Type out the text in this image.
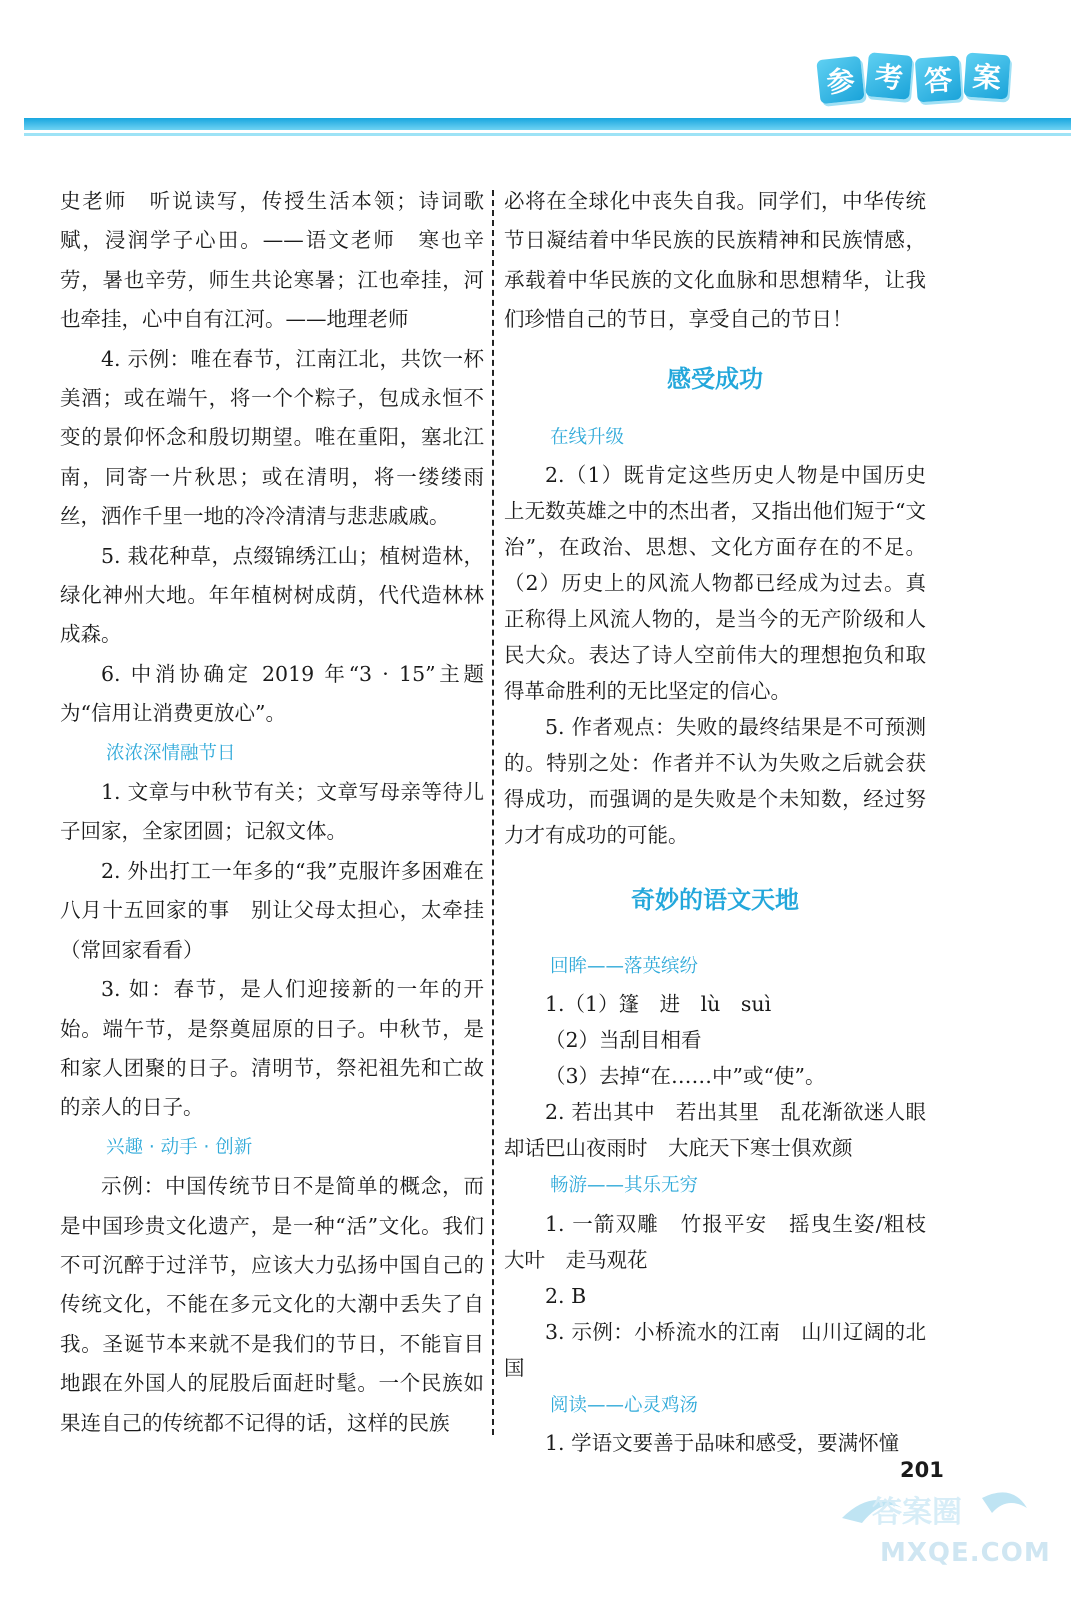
参 考 答 案

史老师　听说读写，传授生活本领；诗词歌赋，浸润学子心田。——语文老师　寒也辛劳，暑也辛劳，师生共论寒暑；江也牵挂，河也牵挂，心中自有江河。——地理老师

4. 示例：唯在春节，江南江北，共饮一杯美酒；或在端午，将一个个粽子，包成永恒不变的景仰怀念和殷切期望。唯在重阳，塞北江南，同寄一片秋思；或在清明，将一缕缕雨丝，洒作千里一地的冷冷清清与悲悲戚戚。

5. 栽花种草，点缀锦绣江山；植树造林，绿化神州大地。年年植树树成荫，代代造林林成森。

6. 中消协确定 2019 年“3 · 15”主题为“信用让消费更放心”。

浓浓深情融节日

1. 文章与中秋节有关；文章写母亲等待儿子回家，全家团圆；记叙文体。

2. 外出打工一年多的“我”克服许多困难在八月十五回家的事　别让父母太担心，太牵挂（常回家看看）

3. 如：春节，是人们迎接新的一年的开始。端午节，是祭奠屈原的日子。中秋节，是和家人团聚的日子。清明节，祭祀祖先和亡故的亲人的日子。

兴趣 · 动手 · 创新

示例：中国传统节日不是简单的概念，而是中国珍贵文化遗产，是一种“活”文化。我们不可沉醉于过洋节，应该大力弘扬中国自己的传统文化，不能在多元文化的大潮中丢失了自我。圣诞节本来就不是我们的节日，不能盲目地跟在外国人的屁股后面赶时髦。一个民族如果连自己的传统都不记得的话，这样的民族

必将在全球化中丧失自我。同学们，中华传统节日凝结着中华民族的民族精神和民族情感，承载着中华民族的文化血脉和思想精华，让我们珍惜自己的节日，享受自己的节日！

感受成功

在线升级

2.（1）既肯定这些历史人物是中国历史上无数英雄之中的杰出者，又指出他们短于“文治”，在政治、思想、文化方面存在的不足。（2）历史上的风流人物都已经成为过去。真正称得上风流人物的，是当今的无产阶级和人民大众。表达了诗人空前伟大的理想抱负和取得革命胜利的无比坚定的信心。

5. 作者观点：失败的最终结果是不可预测的。特别之处：作者并不认为失败之后就会获得成功，而强调的是失败是个未知数，经过努力才有成功的可能。

奇妙的语文天地

回眸——落英缤纷

1.（1）篷　进　lù　suì

（2）当刮目相看

（3）去掉“在……中”或“使”。

2. 若出其中　若出其里　乱花渐欲迷人眼　却话巴山夜雨时　大庇天下寒士俱欢颜

畅游——其乐无穷

1. 一箭双雕　竹报平安　摇曳生姿/粗枝大叶　走马观花

2. B

3. 示例：小桥流水的江南　山川辽阔的北国

阅读——心灵鸡汤

1. 学语文要善于品味和感受，要满怀憧

201
答案圈
MXQE.COM
